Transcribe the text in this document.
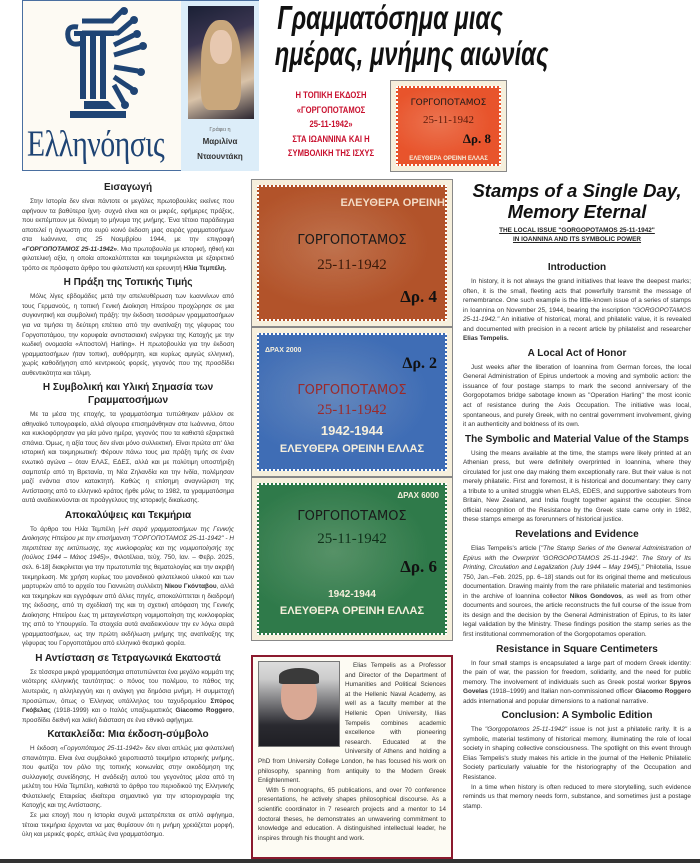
Ελληνόησις	Γράφει η
Μαριλίνα
Νταουντάκη
Γραμματόσημα μιας
ημέρας, μνήμης αιωνίας
Η ΤΟΠΙΚΗ ΕΚΔΟΣΗ
«ΓΟΡΓΟΠΟΤΑΜΟΣ
25-11-1942»
ΣΤΑ ΙΩΑΝΝΙΝΑ ΚΑΙ Η
ΣΥΜΒΟΛΙΚΗ ΤΗΣ ΙΣΧΥΣ
ΓΟΡΓΟΠΟΤΑΜΟΣ
25-11-1942
Δρ. 8
ΕΛΕΥΘΕΡΑ ΟΡΕΙΝΗ ΕΛΛΑΣ
ΕΛΕΥΘΕΡΑ ΟΡΕΙΝΗ
ΓΟΡΓΟΠΟΤΑΜΟΣ
25-11-1942
Δρ. 4
ΔΡΑΧ 2000
Δρ. 2
ΓΟΡΓΟΠΟΤΑΜΟΣ
25-11-1942
1942-1944
ΕΛΕΥΘΕΡΑ ΟΡΕΙΝΗ ΕΛΛΑΣ
ΔΡΑΧ 6000
ΓΟΡΓΟΠΟΤΑΜΟΣ
25-11-1942
Δρ. 6
1942-1944
ΕΛΕΥΘΕΡΑ ΟΡΕΙΝΗ ΕΛΛΑΣ
Εισαγωγή

Στην Ιστορία δεν είναι πάντοτε οι μεγάλες πρωτοβουλίες εκείνες που αφήνουν τα βαθύτερα ίχνη· συχνά είναι και οι μικρές, εφήμερες πράξεις, που εκπέμπουν με δύναμη το μήνυμα της μνήμης. Ένα τέτοιο παράδειγμα αποτελεί η άγνωστη στο ευρύ κοινό έκδοση μιας σειράς γραμματοσήμων στα Ιωάννινα, στις 25 Νοεμβρίου 1944, με την επιγραφή «ΓΟΡΓΟΠΟΤΑΜΟΣ 25-11-1942». Μια πρωτοβουλία με ιστορική, ηθική και φιλοτελική αξία, η οποία αποκαλύπτεται και τεκμηριώνεται με εξαιρετικό τρόπο σε πρόσφατο άρθρο του φιλοτελιστή και ερευνητή Ηλία Τεμπέλη.

Η Πράξη της Τοπικής Τιμής

Μόλις λίγες εβδομάδες μετά την απελευθέρωση των Ιωαννίνων από τους Γερμανούς, η τοπική Γενική Διοίκηση Ηπείρου προχώρησε σε μια συγκινητική και συμβολική πράξη: την έκδοση τεσσάρων γραμματοσήμων για να τιμήσει τη δεύτερη επέτειο από την ανατίναξη της γέφυρας του Γοργοποτάμου, την κορυφαία αντιστασιακή ενέργεια της Κατοχής με την κωδική ονομασία «Αποστολή Harling». Η πρωτοβουλία για την έκδοση γραμματοσήμων ήταν τοπική, αυθόρμητη, και κυρίως αμιγώς ελληνική, χωρίς καθοδήγηση από κεντρικούς φορείς, γεγονός που της προσδίδει αυθεντικότητα και τόλμη.

Η Συμβολική και Υλική Σημασία των Γραμματοσήμων

Με τα μέσα της εποχής, τα γραμματόσημα τυπώθηκαν μάλλον σε αθηναϊκό τυπογραφείο, αλλά σίγουρα επισημάνθηκαν στα Ιωάννινα, όπου και κυκλοφόρησαν για μία μόνο ημέρα, γεγονός που τα καθιστά εξαιρετικά σπάνια. Όμως, η αξία τους δεν είναι μόνο συλλεκτική. Είναι πρώτα απ' όλα ιστορική και τεκμηριωτική: Φέρουν πάνω τους μια πράξη τιμής σε έναν ενωτικό αγώνα – όταν ΕΛΑΣ, ΕΔΕΣ, αλλά και με πολύτιμη υποστήριξη σαμποτέρ από τη Βρετανία, τη Νέα Ζηλανδία και την Ινδία, πολέμησαν μαζί ενάντια στον κατακτητή. Καθώς η επίσημη αναγνώριση της Αντίστασης από το ελληνικό κράτος ήρθε μόλις το 1982, τα γραμματόσημα αυτά αναδεικνύονται σε προάγγελους της ιστορικής δικαίωσης.

Αποκαλύψεις και Τεκμήρια

Το άρθρο του Ηλία Τεμπέλη [«Η σειρά γραμματοσήμων της Γενικής Διοίκησης Ηπείρου με την επισήμανση "ΓΟΡΓΟΠΟΤΑΜΟΣ 25-11-1942" - Η περιπέτεια της εκτύπωσης, της κυκλοφορίας και της νομιμοποίησής της (Ιούλιος 1944 – Μάιος 1945)», Φιλοτέλεια, τεύχ. 750, Ιαν. – Φεβρ. 2025, σελ. 6-18] διακρίνεται για την πρωτοτυπία της θεματολογίας και την ακριβή τεκμηρίωση. Με χρήση κυρίως του μοναδικού φιλοτελικού υλικού και των μαρτυριών από το αρχείο του Γιαννιώτη συλλέκτη Νίκου Γκόνταβου, αλλά και τεκμηρίων και εγγράφων από άλλες πηγές, αποκαλύπτεται η διαδρομή της έκδοσης, από τη σχεδίασή της και τη σχετική απόφαση της Γενικής Διοίκησης Ηπείρου έως τη μεταγενέστερη νομιμοποίηση της κυκλοφορίας της από το Υπουργείο. Τα στοιχεία αυτά αναδεικνύουν την εν λόγω σειρά γραμματοσήμων, ως την πρώτη εκδήλωση μνήμης της ανατίναξης της γέφυρας του Γοργοποτάμου από ελληνικό θεσμικό φορέα.

Η Αντίσταση σε Τετραγωνικά Εκατοστά

Σε τέσσερα μικρά γραμματόσημα αποτυπώνεται ένα μεγάλο κομμάτι της νεότερης ελληνικής ταυτότητας: ο πόνος του πολέμου, το πάθος της λευτεριάς, η αλληλεγγύη και η ανάγκη για δημόσια μνήμη. Η συμμετοχή προσώπων, όπως ο Έλληνας υπάλληλος του ταχυδρομείου Σπύρος Γκόβελας (1918-1999) και ο Ιταλός υπαξιωματικός Giacomo Roggero, προσδίδει διεθνή και λαϊκή διάσταση σε ένα εθνικό αφήγημα.

Κατακλείδα: Μια έκδοση-σύμβολο

Η έκδοση «Γοργοπόταμος 25-11-1942» δεν είναι απλώς μια φιλοτελική σπανιότητα. Είναι ένα συμβολικό χειροπιαστό τεκμήριο ιστορικής μνήμης, που φωτίζει τον ρόλο της τοπικής κοινωνίας στην οικοδόμηση της συλλογικής συνείδησης. Η ανάδειξη αυτού του γεγονότος μέσα από τη μελέτη του Ηλία Τεμπέλη, καθιστά το άρθρο του περιοδικού της Ελληνικής Φιλοτελικής Εταιρείας ιδιαίτερα σημαντικό για την ιστοριογραφία της Κατοχής και της Αντίστασης.

Σε μια εποχή που η Ιστορία συχνά μετατρέπεται σε απλό αφήγημα, τέτοια τεκμήρια έρχονται να μας θυμίσουν ότι η μνήμη χρειάζεται μορφή, ύλη και μερικές φορές, απλώς ένα γραμματόσημο.

Stamps of a Single Day,
Memory Eternal
THE LOCAL ISSUE "GORGOPOTAMOS 25-11-1942"
IN IOANNINA AND ITS SYMBOLIC POWER
Introduction

In history, it is not always the grand initiatives that leave the deepest marks; often, it is the small, fleeting acts that powerfully transmit the message of remembrance. One such example is the little-known issue of a series of stamps in Ioannina on November 25, 1944, bearing the inscription "GORGOPOTAMOS 25-11-1942." An initiative of historical, moral, and philatelic value, it is revealed and documented with precision in a recent article by philatelist and researcher Elias Tempelis.

A Local Act of Honor

Just weeks after the liberation of Ioannina from German forces, the local General Administration of Epirus undertook a moving and symbolic action: the issuance of four postage stamps to mark the second anniversary of the Gorgopotamos bridge sabotage known as "Operation Harling" the most iconic act of resistance during the Axis Occupation. The initiative was local, spontaneous, and purely Greek, with no central government involvement, giving it an authenticity and boldness of its own.

The Symbolic and Material Value of the Stamps

Using the means available at the time, the stamps were likely printed at an Athenian press, but were definitely overprinted in Ioannina, where they circulated for just one day making them exceptionally rare. But their value is not merely philatelic. First and foremost, it is historical and documentary: they carry a tribute to a united struggle when ELAS, EDES, and supportive saboteurs from Britain, New Zealand, and India fought together against the occupier. Since official recognition of the Resistance by the Greek state came only in 1982, these stamps emerge as forerunners of historical justice.

Revelations and Evidence

Elias Tempelis's article ["The Stamp Series of the General Administration of Epirus with the Overprint 'GORGOPOTAMOS 25-11-1942'. The Story of Its Printing, Circulation and Legalization (July 1944 – May 1945)," Philotelia, Issue 750, Jan.–Feb. 2025, pp. 6–18] stands out for its original theme and meticulous documentation. Drawing mainly from the rare philatelic material and testimonies in the archive of Ioannina collector Nikos Gondovos, as well as from other documents and sources, the article reconstructs the full course of the issue from its design and the decision by the General Administration of Epirus, to its later legal validation by the Ministry. These findings position the stamp series as the first institutional commemoration of the Gorgopotamos operation.

Resistance in Square Centimeters

In four small stamps is encapsulated a large part of modern Greek identity: the pain of war, the passion for freedom, solidarity, and the need for public memory. The involvement of individuals such as Greek postal worker Spyros Govelas (1918–1999) and Italian non-commissioned officer Giacomo Roggero adds international and popular dimensions to a national narrative.

Conclusion: A Symbolic Edition

The "Gorgopotamos 25-11-1942" issue is not just a philatelic rarity. It is a symbolic, material testimony of historical memory, illuminating the role of local society in shaping collective consciousness. The spotlight on this event through Elias Tempelis's study makes his article in the journal of the Hellenic Philatelic Society particularly valuable for the historiography of the Occupation and Resistance.

In a time when history is often reduced to mere storytelling, such evidence reminds us that memory needs form, substance, and sometimes just a postage stamp.

Elias Tempelis as a Professor and Director of the Department of Humanities and Political Sciences at the Hellenic Naval Academy, as well as a faculty member at the Hellenic Open University, Ilias Tempelis combines academic excellence with pioneering research. Educated at the University of Athens and holding a PhD from University College London, he has focused his work on philosophy, spanning from antiquity to the Modern Greek Enlightenment.

With 5 monographs, 65 publications, and over 70 conference presentations, he actively shapes philosophical discourse. As a scientific coordinator in 7 research projects and a mentor to 14 doctoral theses, he demonstrates an unwavering commitment to knowledge and education. A distinguished intellectual leader, he inspires through his thought and work.
